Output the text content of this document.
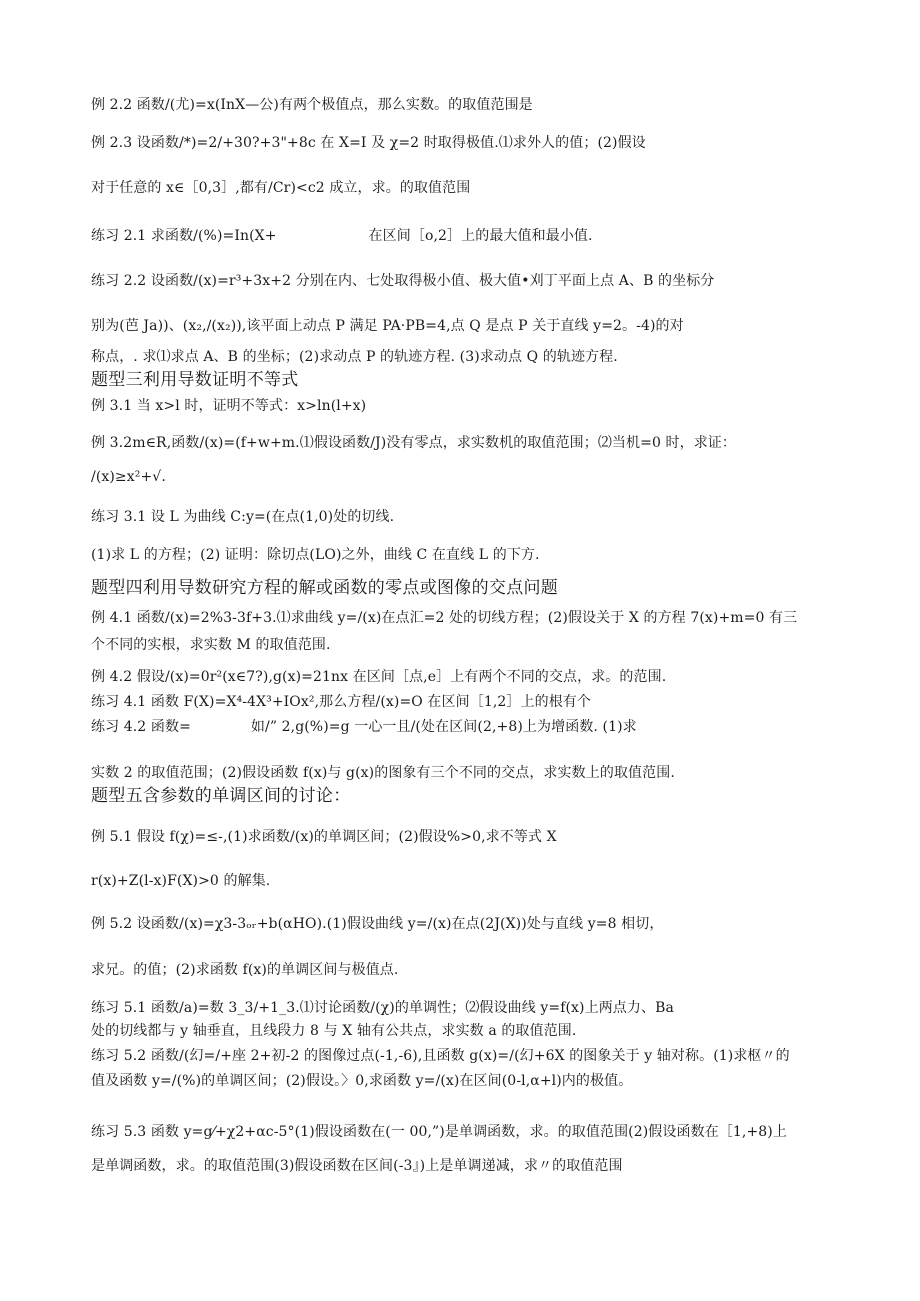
例 2.2 函数/(尤)=x(InX—公)有两个极值点，那么实数。的取值范围是
例 2.3 设函数/*)=2/+30?+3"+8c 在 X=I 及 χ=2 时取得极值.⑴求外人的值；(2)假设
对于任意的 x∈［0,3］,都有/Cr)<c2 成立，求。的取值范围
练习 2.1 求函数/(%)=In(X+	在区间［o,2］上的最大值和最小值.
练习 2.2 设函数/(x)=r³+3x+2 分别在内、七处取得极小值、极大值•刈丁平面上点 A、B 的坐标分
别为(芭 Ja))、(x₂,∕(x₂)),该平面上动点 P 满足 PA·PB=4,点 Q 是点 P 关于直线 y=2。-4)的对
称点，. 求⑴求点 A、B 的坐标；(2)求动点 P 的轨迹方程. (3)求动点 Q 的轨迹方程.
题型三利用导数证明不等式
例 3.1 当 x>l 时，证明不等式：x>ln(l+x)
例 3.2m∈R,函数/(x)=(f+w+m.⑴假设函数/J)没有零点，求实数机的取值范围；⑵当机=0 时，求证：
/(x)≥x²+√.
练习 3.1 设 L 为曲线 C:y=(在点(1,0)处的切线.
(1)求 L 的方程；(2) 证明：除切点(LO)之外，曲线 C 在直线 L 的下方.
题型四利用导数研究方程的解或函数的零点或图像的交点问题
例 4.1 函数/(x)=2%3-3f+3.⑴求曲线 y=/(x)在点汇=2 处的切线方程；(2)假设关于 X 的方程 7(x)+m=0 有三
个不同的实根，求实数 M 的取值范围.
例 4.2 假设/(x)=0r²(x∈7?),g(x)=21nx 在区间［点,e］上有两个不同的交点，求。的范围.
练习 4.1 函数 F(X)=X⁴-4X³+IOx²,那么方程/(x)=O 在区间［1,2］上的根有个
练习 4.2 函数=	如/” 2,g(%)=g 一心一且/(处在区间(2,+8)上为增函数. (1)求
实数 2 的取值范围；(2)假设函数 f(x)与 g(x)的图象有三个不同的交点，求实数上的取值范围.
题型五含参数的单调区间的讨论：
例 5.1 假设 f(χ)=≤-,(1)求函数/(x)的单调区间；(2)假设%>0,求不等式 X
r(x)+Z(l-x)F(X)>0 的解集.
例 5.2 设函数/(x)=χ3-3ₒᵣ+b(αHO).(1)假设曲线 y=/(x)在点(2J(X))处与直线 y=8 相切，
求兄。的值；(2)求函数 f(x)的单调区间与极值点.
练习 5.1 函数/a)=数 3_3/+1_3.⑴讨论函数/(χ)的单调性；⑵假设曲线 y=f(x)上两点力、Ba
处的切线都与 y 轴垂直，且线段力 8 与 X 轴有公共点，求实数 a 的取值范围.
练习 5.2 函数/(幻=/+座 2+初-2 的图像过点(-1,-6),且函数 g(x)=/(幻+6X 的图象关于 y 轴对称。(1)求枢〃的
值及函数 y=/(%)的单调区间；(2)假设。〉0,求函数 y=/(x)在区间(0-l,α+l)内的极值。
练习 5.3 函数 y=g⁄+χ2+αc-5°(1)假设函数在(一 00,”)是单调函数，求。的取值范围(2)假设函数在［1,+8)上
是单调函数，求。的取值范围(3)假设函数在区间(-3』)上是单调递减，求〃的取值范围
